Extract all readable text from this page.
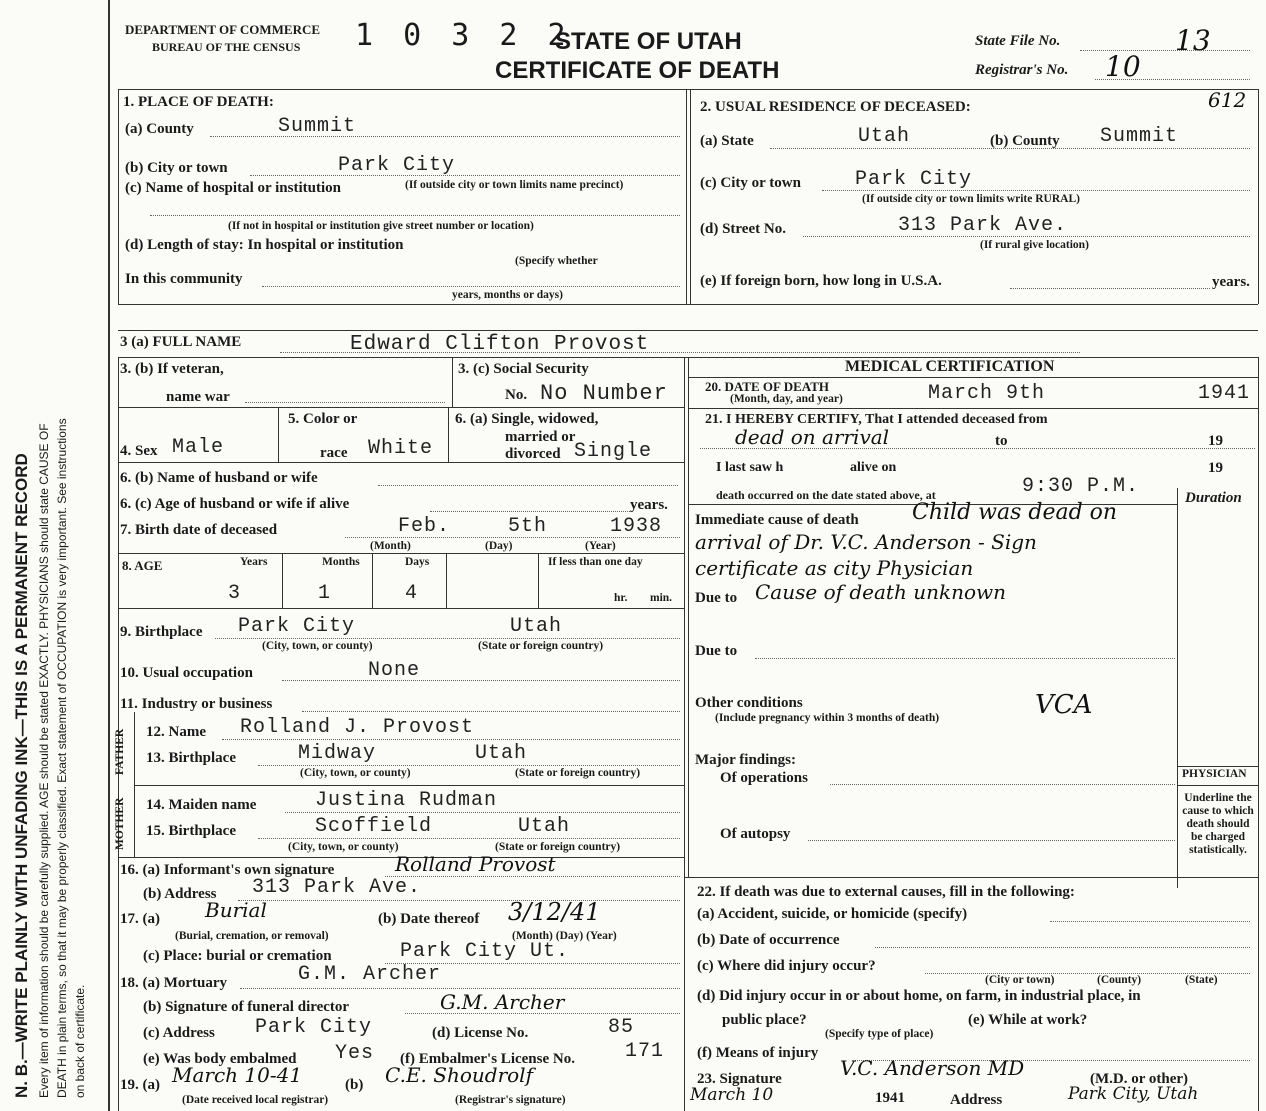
N. B.—WRITE PLAINLY WITH UNFADING INK—THIS IS A PERMANENT RECORD Every item of information should be carefully supplied. AGE should be stated EXACTLY. PHYSICIANS should state CAUSE OF DEATH in plain terms, so that it may be properly classified. Exact statement of OCCUPATION is very important. See instructions on back of certificate.
DEPARTMENT OF COMMERCE
BUREAU OF THE CENSUS 1 0 3 2 2
STATE OF UTAH
CERTIFICATE OF DEATH
State File No.	13
Registrar's No. 10
1. PLACE OF DEATH:
(a) County	Summit
(b) City or town	Park City
(c) Name of hospital or institution	(If outside city or town limits name precinct)
(If not in hospital or institution give street number or location)
(d) Length of stay: In hospital or institution
(Specify whether
In this community
years, months or days)
2. USUAL RESIDENCE OF DECEASED:	612
(a) State	Utah	(b) County Summit
(c) City or town	Park City
(If outside city or town limits write RURAL)
(d) Street No.	313 Park Ave.
(If rural give location)
(e) If foreign born, how long in U.S.A.	years.
3 (a) FULL NAME	Edward Clifton Provost
3. (b) If veteran,
name war
3. (c) Social Security
No. No Number
4. Sex Male
5. Color or
race White
6. (a) Single, widowed,
married or
divorced Single
6. (b) Name of husband or wife
6. (c) Age of husband or wife if alive	years.
7. Birth date of deceased	Feb.	5th	1938
(Month)	(Day)	(Year)
8. AGE	Years	Months	Days	If less than one day
3	1	4	hr. min.
9. Birthplace Park City	Utah
(City, town, or county)	(State or foreign country)
10. Usual occupation	None
11. Industry or business
FATHER
MOTHER
12. Name Rolland J. Provost
13. Birthplace	Midway	Utah
(City, town, or county)	(State or foreign country)
14. Maiden name	Justina Rudman
15. Birthplace	Scoffield	Utah
(City, town, or county)	(State or foreign country)
16. (a) Informant's own signature	Rolland Provost
(b) Address 313 Park Ave.
17. (a) Burial
(Burial, cremation, or removal)
(b) Date thereof 3/12/41
(Month) (Day) (Year)
(c) Place: burial or cremation	Park City Ut.
18. (a) Mortuary	G.M. Archer
(b) Signature of funeral director	G.M. Archer
(c) Address Park City	(d) License No.	85
(e) Was body embalmed Yes (f) Embalmer's License No.	171
19. (a) March 10-41	(b) C.E. Shoudrolf
(Date received local registrar)	(Registrar's signature)
MEDICAL CERTIFICATION
20. DATE OF DEATH
(Month, day, and year)	March 9th	1941
21. I HEREBY CERTIFY, That I attended deceased from
dead on arrival	to	19
I last saw h	alive on	19
death occurred on the date stated above, at	9:30 P.M.	Duration
Immediate cause of death Child was dead on
arrival of Dr. V.C. Anderson - Sign
certificate as city Physician
Due to Cause of death unknown
Due to
Other conditions
(Include pregnancy within 3 months of death)	VCA
Major findings:
Of operations
Of autopsy
PHYSICIAN
Underline the cause to which death should be charged statistically.
22. If death was due to external causes, fill in the following:
(a) Accident, suicide, or homicide (specify)
(b) Date of occurrence
(c) Where did injury occur?
(City or town)	(County)	(State)
(d) Did injury occur in or about home, on farm, in industrial place, in
public place?
(Specify type of place)
(e) While at work?
(f) Means of injury
23. Signature	V.C. Anderson MD	(M.D. or other)
March 10	1941	Address	Park City, Utah
